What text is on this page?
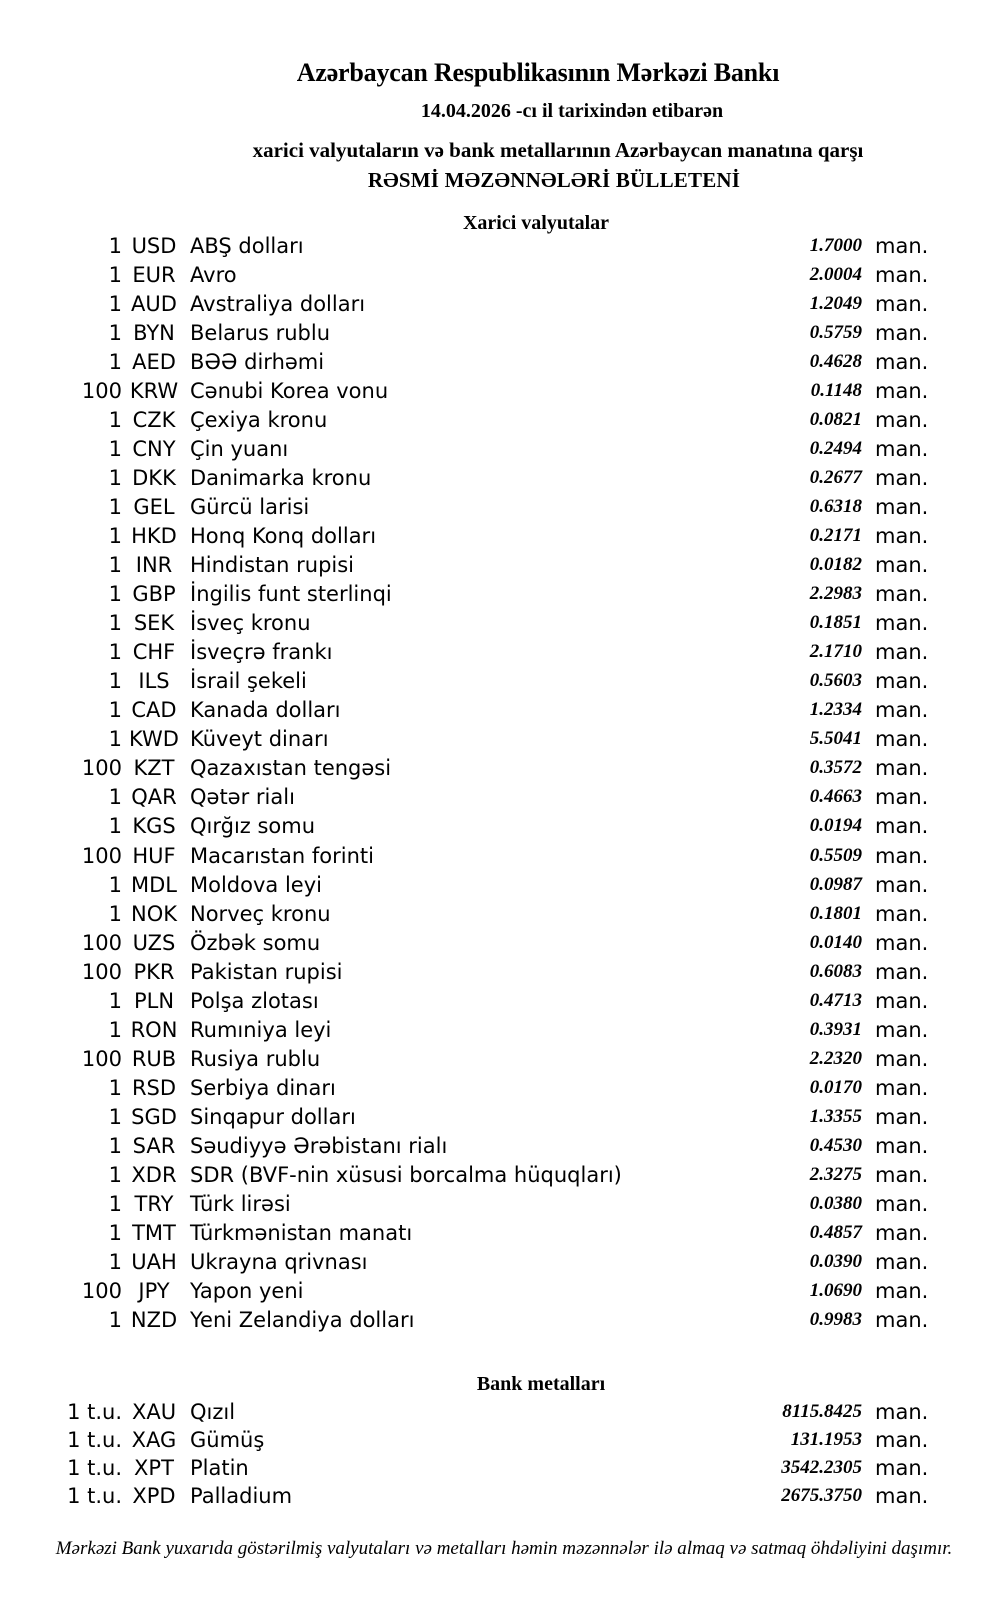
Azərbaycan Respublikasının Mərkəzi Bankı
14.04.2026 -cı il tarixindən etibarən
xarici valyutaların və bank metallarının Azərbaycan manatına qarşı
RƏSMİ MƏZƏNNƏLƏRİ BÜLLETENİ
Xarici valyutalar
1 USD ABŞ dolları	1.7000 man.
1 EUR Avro	2.0004 man.
1 AUD Avstraliya dolları	1.2049 man.
1 BYN Belarus rublu	0.5759 man.
1 AED BƏƏ dirhəmi	0.4628 man.
100 KRW Cənubi Korea vonu	0.1148 man.
1 CZK Çexiya kronu	0.0821 man.
1 CNY Çin yuanı	0.2494 man.
1 DKK Danimarka kronu	0.2677 man.
1 GEL Gürcü larisi	0.6318 man.
1 HKD Honq Konq dolları	0.2171 man.
1 INR Hindistan rupisi	0.0182 man.
1 GBP İngilis funt sterlinqi	2.2983 man.
1 SEK İsveç kronu	0.1851 man.
1 CHF İsveçrə frankı	2.1710 man.
1 ILS İsrail şekeli	0.5603 man.
1 CAD Kanada dolları	1.2334 man.
1 KWD Küveyt dinarı	5.5041 man.
100 KZT Qazaxıstan tengəsi	0.3572 man.
1 QAR Qətər rialı	0.4663 man.
1 KGS Qırğız somu	0.0194 man.
100 HUF Macarıstan forinti	0.5509 man.
1 MDL Moldova leyi	0.0987 man.
1 NOK Norveç kronu	0.1801 man.
100 UZS Özbək somu	0.0140 man.
100 PKR Pakistan rupisi	0.6083 man.
1 PLN Polşa zlotası	0.4713 man.
1 RON Rumıniya leyi	0.3931 man.
100 RUB Rusiya rublu	2.2320 man.
1 RSD Serbiya dinarı	0.0170 man.
1 SGD Sinqapur dolları	1.3355 man.
1 SAR Səudiyyə Ərəbistanı rialı	0.4530 man.
1 XDR SDR (BVF-nin xüsusi borcalma hüquqları)	2.3275 man.
1 TRY Türk lirəsi	0.0380 man.
1 TMT Türkmənistan manatı	0.4857 man.
1 UAH Ukrayna qrivnası	0.0390 man.
100 JPY Yapon yeni	1.0690 man.
1 NZD Yeni Zelandiya dolları	0.9983 man.
Bank metalları
1 t.u. XAU Qızıl	8115.8425 man.
1 t.u. XAG Gümüş	131.1953 man.
1 t.u. XPT Platin	3542.2305 man.
1 t.u. XPD Palladium	2675.3750 man.
Mərkəzi Bank yuxarıda göstərilmiş valyutaları və metalları həmin məzənnələr ilə almaq və satmaq öhdəliyini daşımır.
